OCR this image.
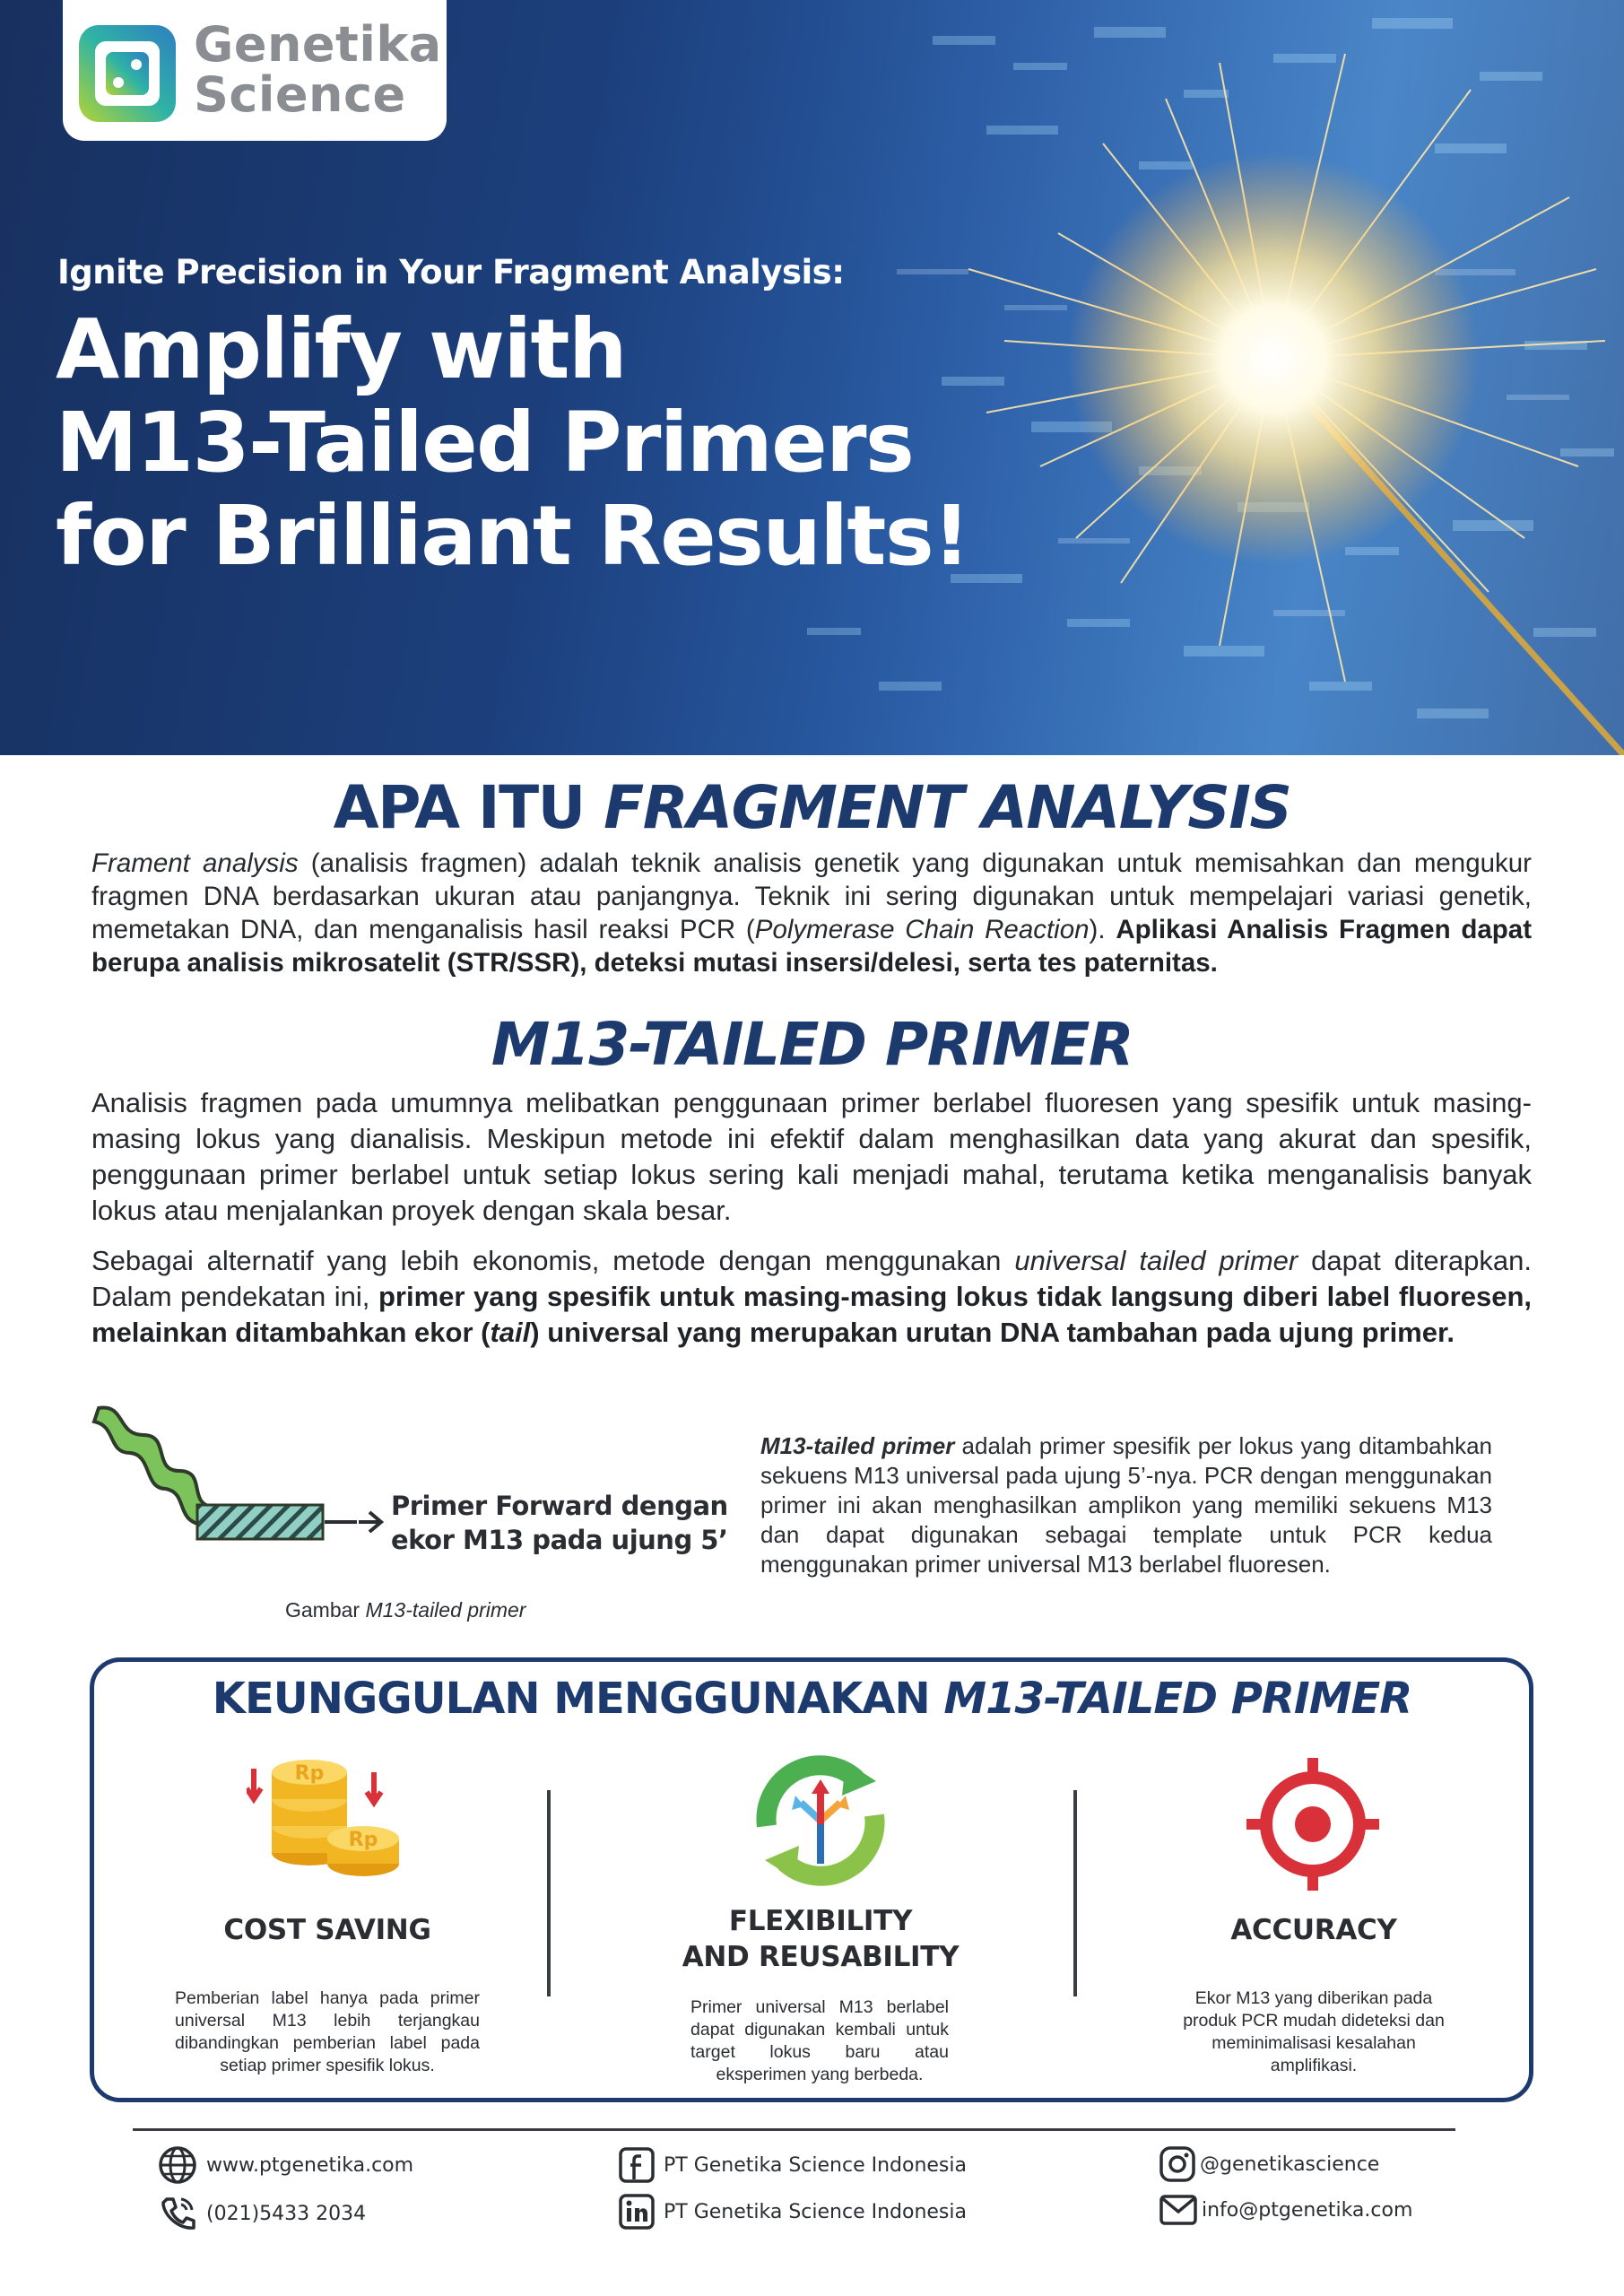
Genetika
Science
Ignite Precision in Your Fragment Analysis:
Amplify with
M13-Tailed Primers
for Brilliant Results!
APA ITU FRAGMENT ANALYSIS
Frament analysis (analisis fragmen) adalah teknik analisis genetik yang digunakan untuk memisahkan dan mengukur fragmen DNA berdasarkan ukuran atau panjangnya. Teknik ini sering digunakan untuk mempelajari variasi genetik, memetakan DNA, dan menganalisis hasil reaksi PCR (Polymerase Chain Reaction). Aplikasi Analisis Fragmen dapat berupa analisis mikrosatelit (STR/SSR), deteksi mutasi insersi/delesi, serta tes paternitas.
M13-TAILED PRIMER
Analisis fragmen pada umumnya melibatkan penggunaan primer berlabel fluoresen yang spesifik untuk masing-masing lokus yang dianalisis. Meskipun metode ini efektif dalam menghasilkan data yang akurat dan spesifik, penggunaan primer berlabel untuk setiap lokus sering kali menjadi mahal, terutama ketika menganalisis banyak lokus atau menjalankan proyek dengan skala besar.
Sebagai alternatif yang lebih ekonomis, metode dengan menggunakan universal tailed primer dapat diterapkan. Dalam pendekatan ini, primer yang spesifik untuk masing-masing lokus tidak langsung diberi label fluoresen, melainkan ditambahkan ekor (tail) universal yang merupakan urutan DNA tambahan pada ujung primer.
Primer Forward dengan
ekor M13 pada ujung 5’
Gambar M13-tailed primer
M13-tailed primer adalah primer spesifik per lokus yang ditambahkan sekuens M13 universal pada ujung 5’-nya. PCR dengan menggunakan primer ini akan menghasilkan amplikon yang memiliki sekuens M13 dan dapat digunakan sebagai template untuk PCR kedua menggunakan primer universal M13 berlabel fluoresen.
KEUNGGULAN MENGGUNAKAN M13-TAILED PRIMER
Rp
Rp
COST SAVING
Pemberian label hanya pada primer universal M13 lebih terjangkau dibandingkan pemberian label pada setiap primer spesifik lokus.
FLEXIBILITY
AND REUSABILITY
Primer universal M13 berlabel dapat digunakan kembali untuk target lokus baru atau eksperimen yang berbeda.
ACCURACY
Ekor M13 yang diberikan pada produk PCR mudah dideteksi dan meminimalisasi kesalahan amplifikasi.
www.ptgenetika.com
(021)5433 2034
PT Genetika Science Indonesia
PT Genetika Science Indonesia
@genetikascience
info@ptgenetika.com
